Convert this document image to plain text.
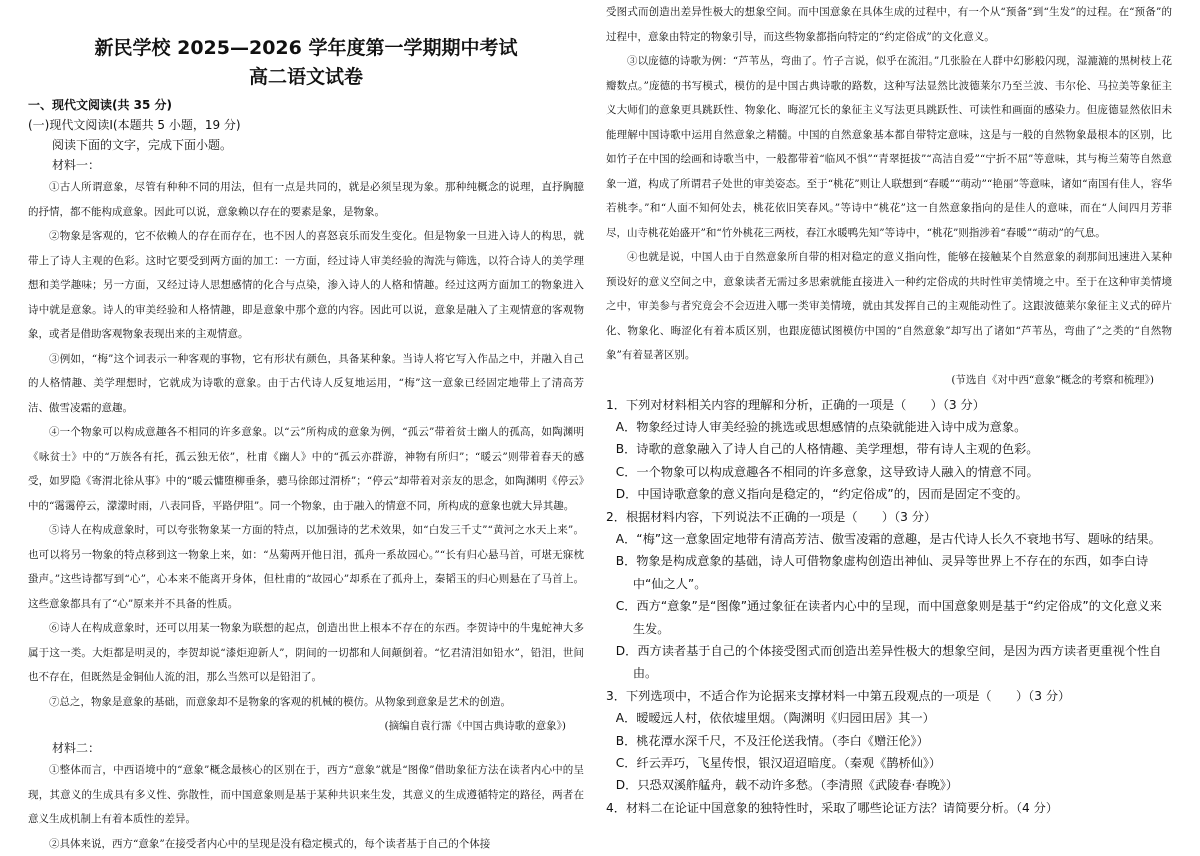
新民学校 2025—2026 学年度第一学期期中考试
高二语文试卷
一、现代文阅读(共 35 分)
(一)现代文阅读Ⅰ(本题共 5 小题，19 分)
阅读下面的文字，完成下面小题。
材料一：

①古人所谓意象，尽管有种种不同的用法，但有一点是共同的，就是必须呈现为象。那种纯概念的说理，直抒胸臆的抒情，都不能构成意象。因此可以说，意象赖以存在的要素是象，是物象。

②物象是客观的，它不依赖人的存在而存在，也不因人的喜怒哀乐而发生变化。但是物象一旦进入诗人的构思，就带上了诗人主观的色彩。这时它要受到两方面的加工：一方面，经过诗人审美经验的淘洗与筛选，以符合诗人的美学理想和美学趣味；另一方面，又经过诗人思想感情的化合与点染，渗入诗人的人格和情趣。经过这两方面加工的物象进入诗中就是意象。诗人的审美经验和人格情趣，即是意象中那个意的内容。因此可以说，意象是融入了主观情意的客观物象，或者是借助客观物象表现出来的主观情意。

③例如，“梅”这个词表示一种客观的事物，它有形状有颜色，具备某种象。当诗人将它写入作品之中，并融入自己的人格情趣、美学理想时，它就成为诗歌的意象。由于古代诗人反复地运用，“梅”这一意象已经固定地带上了清高芳洁、傲雪凌霜的意趣。

④一个物象可以构成意趣各不相同的许多意象。以“云”所构成的意象为例，“孤云”带着贫士幽人的孤高，如陶渊明《咏贫士》中的“万族各有托，孤云独无依”，杜甫《幽人》中的“孤云亦群游，神物有所归”；“暖云”则带着春天的感受，如罗隐《寄渭北徐从事》中的“暖云慵堕柳垂条，骢马徐郎过渭桥”；“停云”却带着对亲友的思念，如陶渊明《停云》中的“霭霭停云，濛濛时雨，八表同昏，平路伊阻”。同一个物象，由于融入的情意不同，所构成的意象也就大异其趣。

⑤诗人在构成意象时，可以夸张物象某一方面的特点，以加强诗的艺术效果，如“白发三千丈”“黄河之水天上来”。也可以将另一物象的特点移到这一物象上来，如：“丛菊两开他日泪，孤舟一系故园心。”“长有归心悬马首，可堪无寐枕蛩声。”这些诗都写到“心”，心本来不能离开身体，但杜甫的“故园心”却系在了孤舟上，秦韬玉的归心则悬在了马首上。这些意象都具有了“心”原来并不具备的性质。

⑥诗人在构成意象时，还可以用某一物象为联想的起点，创造出世上根本不存在的东西。李贺诗中的牛鬼蛇神大多属于这一类。大炬都是明灵的，李贺却说“漆炬迎新人”，阴间的一切都和人间颠倒着。“忆君清泪如铅水”，铅泪，世间也不存在，但既然是金铜仙人流的泪，那么当然可以是铅泪了。

⑦总之，物象是意象的基础，而意象却不是物象的客观的机械的模仿。从物象到意象是艺术的创造。

(摘编自袁行霈《中国古典诗歌的意象》)
材料二：

①整体而言，中西语境中的“意象”概念最核心的区别在于，西方“意象”就是“图像”借助象征方法在读者内心中的呈现，其意义的生成具有多义性、弥散性，而中国意象则是基于某种共识来生发，其意义的生成遵循特定的路径，两者在意义生成机制上有着本质性的差异。

②具体来说，西方“意象”在接受者内心中的呈现是没有稳定模式的，每个读者基于自己的个体接

受图式而创造出差异性极大的想象空间。而中国意象在具体生成的过程中，有一个从“预备”到“生发”的过程。在“预备”的过程中，意象由特定的物象引导，而这些物象都指向特定的“约定俗成”的文化意义。

③以庞德的诗歌为例：“芦苇丛，弯曲了。竹子言说，似乎在流泪。”几张脸在人群中幻影般闪现，湿漉漉的黑树枝上花瓣数点。”庞德的书写模式，模仿的是中国古典诗歌的路数，这种写法显然比波德莱尔乃至兰波、韦尔伦、马拉美等象征主义大师们的意象更具跳跃性、物象化、晦涩冗长的象征主义写法更具跳跃性、可读性和画面的感染力。但庞德显然依旧未能理解中国诗歌中运用自然意象之精髓。中国的自然意象基本都自带特定意味，这是与一般的自然物象最根本的区别，比如竹子在中国的绘画和诗歌当中，一般都带着“临风不惧”“青翠挺拔”“高洁自爱”“宁折不屈”等意味，其与梅兰菊等自然意象一道，构成了所谓君子处世的审美姿态。至于“桃花”则让人联想到“春暖”“萌动”“艳丽”等意味，诸如“南国有佳人，容华若桃李。”和“人面不知何处去，桃花依旧笑春风。”等诗中“桃花”这一自然意象指向的是佳人的意味，而在“人间四月芳菲尽，山寺桃花始盛开”和“竹外桃花三两枝，春江水暖鸭先知”等诗中，“桃花”则指涉着“春暖”“萌动”的气息。

④也就是说，中国人由于自然意象所自带的相对稳定的意义指向性，能够在接触某个自然意象的刹那间迅速进入某种预设好的意义空间之中，意象读者无需过多思索就能直接进入一种约定俗成的共时性审美情境之中。至于在这种审美情境之中，审美参与者究竟会不会迈进入哪一类审美情境，就由其发挥自己的主观能动性了。这跟波德莱尔象征主义式的碎片化、物象化、晦涩化有着本质区别，也跟庞德试图模仿中国的“自然意象”却写出了诸如“芦苇丛，弯曲了”之类的“自然物象”有着显著区别。

(节选自《对中西“意象”概念的考察和梳理》)
1．下列对材料相关内容的理解和分析，正确的一项是（　　）（3 分）
A．物象经过诗人审美经验的挑选或思想感情的点染就能进入诗中成为意象。
B．诗歌的意象融入了诗人自己的人格情趣、美学理想，带有诗人主观的色彩。
C．一个物象可以构成意趣各不相同的许多意象，这导致诗人融入的情意不同。
D．中国诗歌意象的意义指向是稳定的，“约定俗成”的，因而是固定不变的。
2．根据材料内容，下列说法不正确的一项是（　　）（3 分）
A．“梅”这一意象固定地带有清高芳洁、傲雪凌霜的意趣，是古代诗人长久不衰地书写、题咏的结果。
B．物象是构成意象的基础，诗人可借物象虚构创造出神仙、灵异等世界上不存在的东西，如李白诗中“仙之人”。
C．西方“意象”是“图像”通过象征在读者内心中的呈现，而中国意象则是基于“约定俗成”的文化意义来生发。
D．西方读者基于自己的个体接受图式而创造出差异性极大的想象空间，是因为西方读者更重视个性自由。
3．下列选项中，不适合作为论据来支撑材料一中第五段观点的一项是（　　）（3 分）
A．暧暧远人村，依依墟里烟。（陶渊明《归园田居》其一）
B．桃花潭水深千尺，不及汪伦送我情。（李白《赠汪伦》）
C．纤云弄巧，飞星传恨，银汉迢迢暗度。（秦观《鹊桥仙》）
D．只恐双溪舴艋舟，载不动许多愁。（李清照《武陵春·春晚》）
4．材料二在论证中国意象的独特性时，采取了哪些论证方法？请简要分析。（4 分）
